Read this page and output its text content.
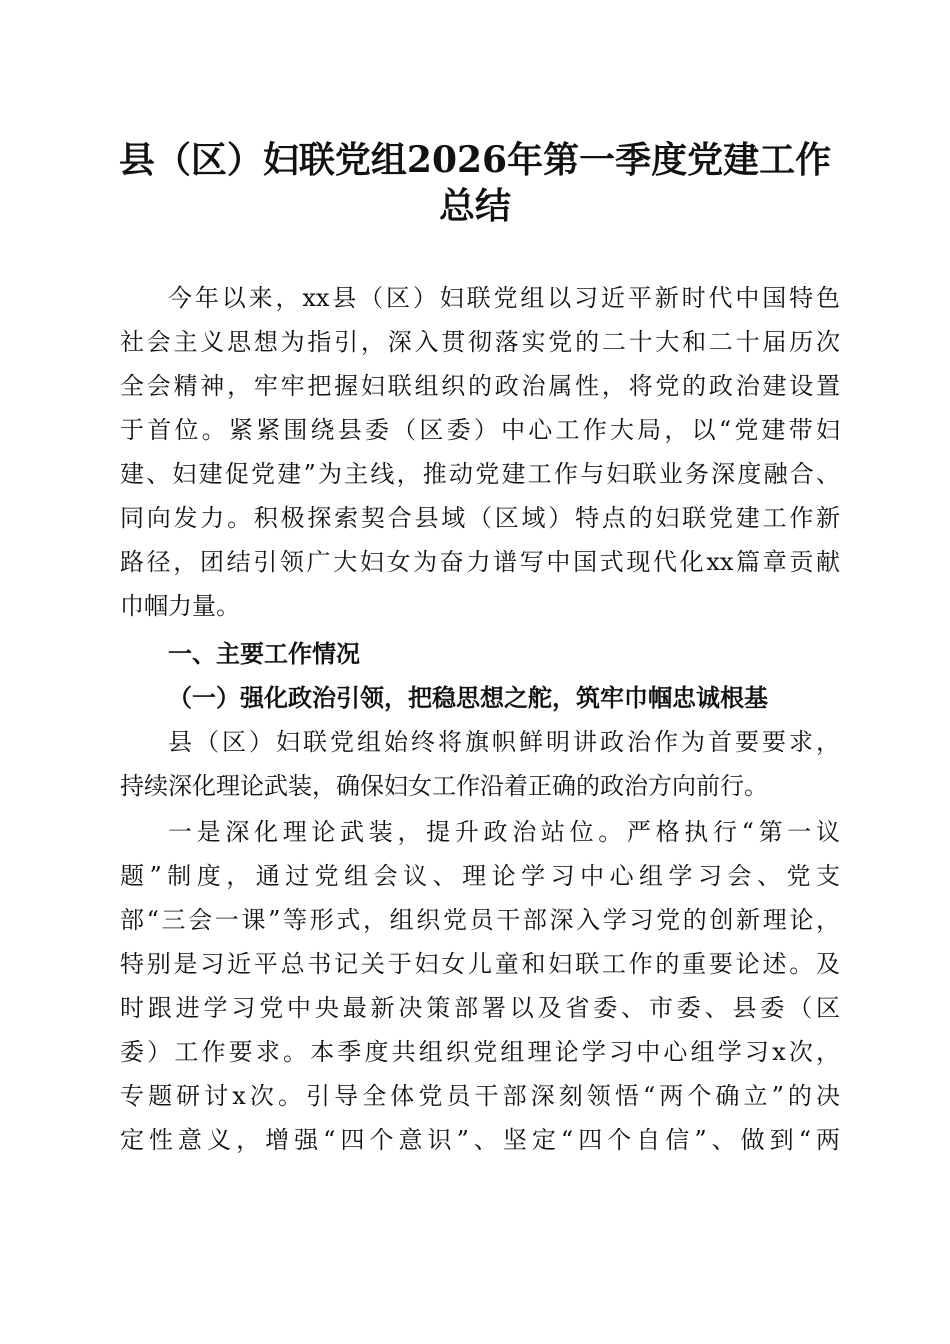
县（区）妇联党组2026年第一季度党建工作
总结
今年以来，xx县（区）妇联党组以习近平新时代中国特色
社会主义思想为指引，深入贯彻落实党的二十大和二十届历次
全会精神，牢牢把握妇联组织的政治属性，将党的政治建设置
于首位。紧紧围绕县委（区委）中心工作大局，以“党建带妇
建、妇建促党建”为主线，推动党建工作与妇联业务深度融合、
同向发力。积极探索契合县域（区域）特点的妇联党建工作新
路径，团结引领广大妇女为奋力谱写中国式现代化xx篇章贡献
巾帼力量。
一、主要工作情况
（一）强化政治引领，把稳思想之舵，筑牢巾帼忠诚根基
县（区）妇联党组始终将旗帜鲜明讲政治作为首要要求，
持续深化理论武装，确保妇女工作沿着正确的政治方向前行。
一是深化理论武装，提升政治站位。严格执行“第一议
题”制度，通过党组会议、理论学习中心组学习会、党支
部“三会一课”等形式，组织党员干部深入学习党的创新理论，
特别是习近平总书记关于妇女儿童和妇联工作的重要论述。及
时跟进学习党中央最新决策部署以及省委、市委、县委（区
委）工作要求。本季度共组织党组理论学习中心组学习x次，
专题研讨x次。引导全体党员干部深刻领悟“两个确立”的决
定性意义，增强“四个意识”、坚定“四个自信”、做到“两
